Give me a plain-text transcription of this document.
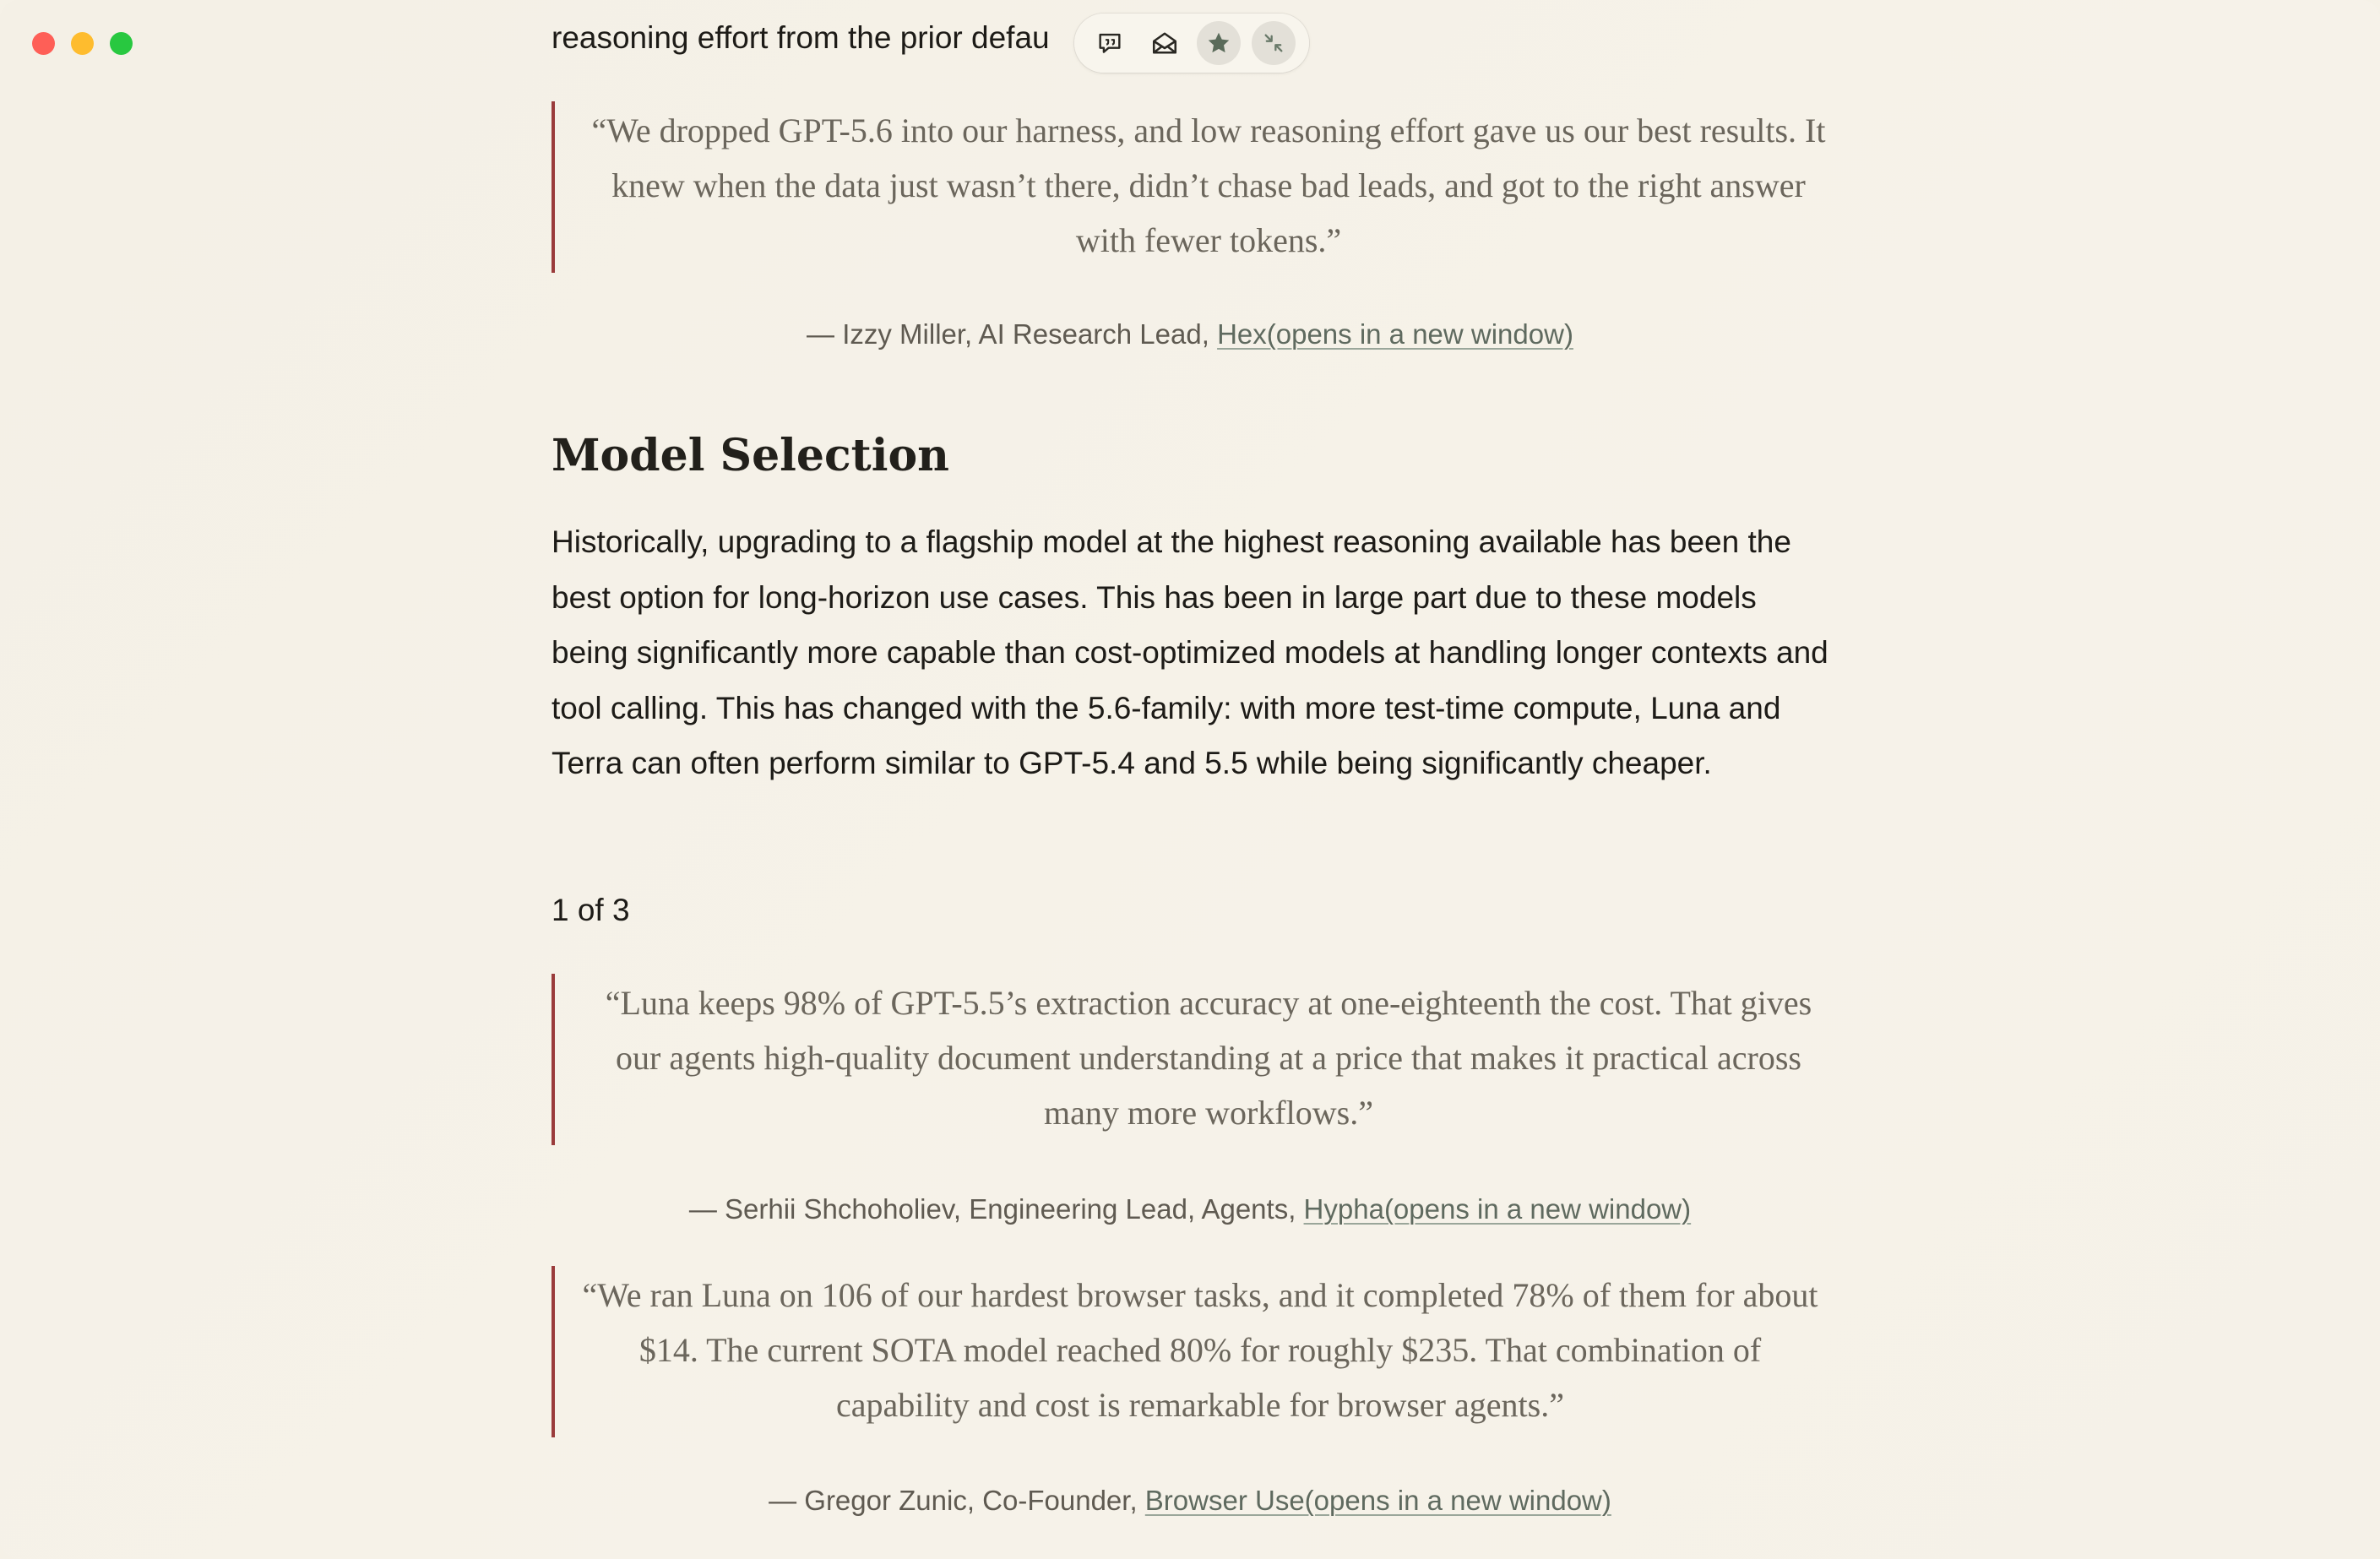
reasoning effort from the prior defau
“We dropped GPT-5.6 into our harness, and low reasoning effort gave us our best results. It knew when the data just wasn’t there, didn’t chase bad leads, and got to the right answer with fewer tokens.”
— Izzy Miller, AI Research Lead, Hex(opens in a new window)
Model Selection

Historically, upgrading to a flagship model at the highest reasoning available has been the best option for long-horizon use cases. This has been in large part due to these models being significantly more capable than cost-optimized models at handling longer contexts and tool calling. This has changed with the 5.6-family: with more test-time compute, Luna and Terra can often perform similar to GPT-5.4 and 5.5 while being significantly cheaper.

1 of 3
“Luna keeps 98% of GPT-5.5’s extraction accuracy at one-eighteenth the cost. That gives our agents high-quality document understanding at a price that makes it practical across many more workflows.”
— Serhii Shchoholiev, Engineering Lead, Agents, Hypha(opens in a new window)
“We ran Luna on 106 of our hardest browser tasks, and it completed 78% of them for about $14. The current SOTA model reached 80% for roughly $235. That combination of capability and cost is remarkable for browser agents.”
— Gregor Zunic, Co-Founder, Browser Use(opens in a new window)
